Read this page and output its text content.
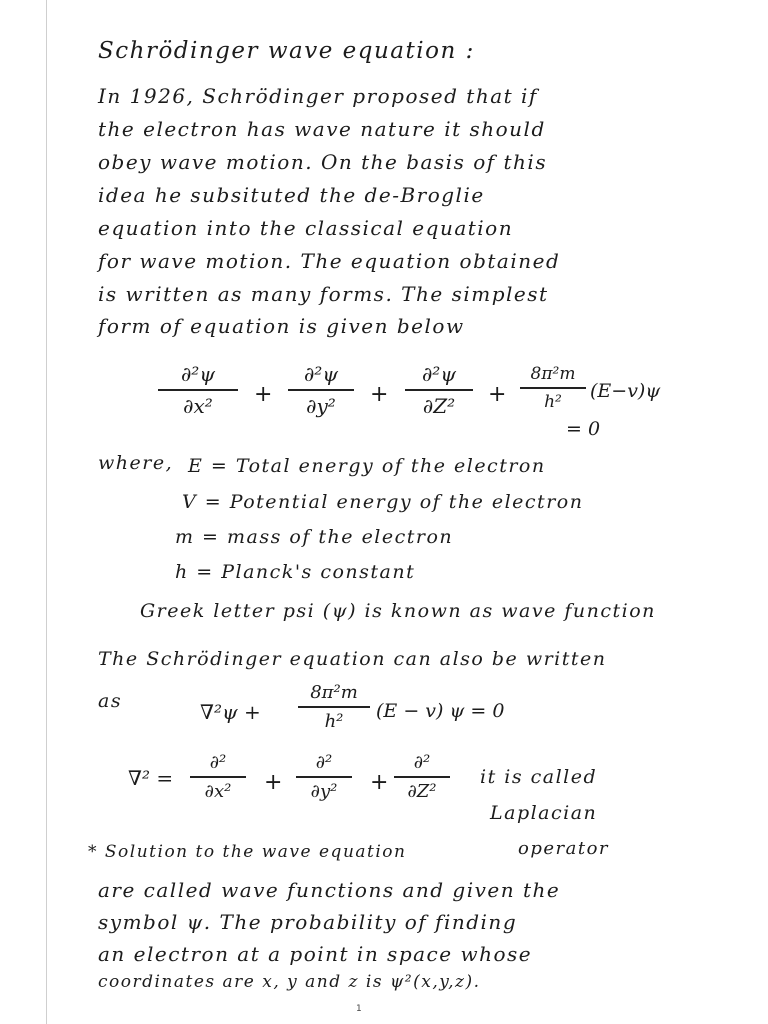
Schrödinger wave equation :
In 1926, Schrödinger proposed that if
the electron has wave nature it should
obey wave motion. On the basis of this
idea he subsituted the de-Broglie
equation into the classical equation
for wave motion. The equation obtained
is written as many forms. The simplest
form of equation is given below
∂²ψ
∂x²	+
∂²ψ
∂y²	+
∂²ψ
∂Z²	+
8π²m
h²	(E−v)ψ
= 0
where, E = Total energy of the electron
V = Potential energy of the electron
m = mass of the electron
h = Planck's constant
Greek letter psi (ψ) is known as wave function
The Schrödinger equation can also be written
as	∇²ψ +
8π²m
h²	(E − v) ψ = 0
∇² =
∂²
∂x²	+
∂²
∂y²	+
∂²
∂Z²
it is called
Laplacian
operator
* Solution to the wave equation
are called wave functions and given the
symbol ψ. The probability of finding
an electron at a point in space whose
coordinates are x, y and z is ψ²(x,y,z).
1
